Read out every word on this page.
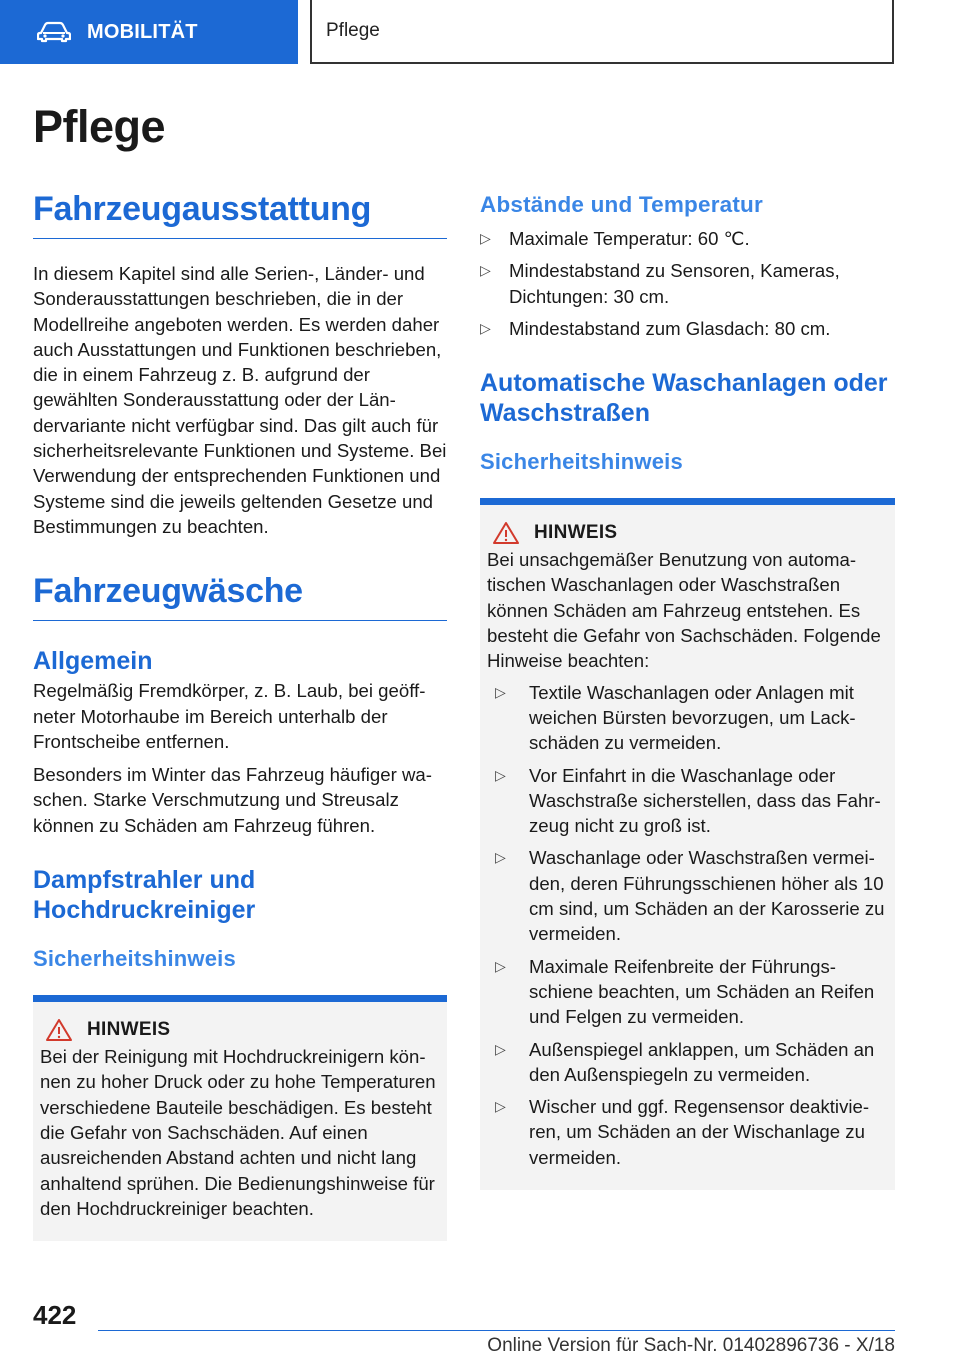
MOBILITÄT	Pflege
Pflege
Fahrzeugausstattung

In diesem Kapitel sind alle Serien-, Länder- und Sonderausstattungen beschrieben, die in der Modellreihe angeboten werden. Es werden daher auch Ausstattungen und Funktionen beschrieben, die in einem Fahrzeug z. B. aufgrund der gewählten Sonderausstattung oder der Ländervariante nicht verfügbar sind. Das gilt auch für sicherheitsrelevante Funktionen und Systeme. Bei Verwendung der entsprechenden Funktionen und Systeme sind die jeweils geltenden Gesetze und Bestimmungen zu beachten.

Fahrzeugwäsche
Allgemein

Regelmäßig Fremdkörper, z. B. Laub, bei geöffneter Motorhaube im Bereich unterhalb der Frontscheibe entfernen.

Besonders im Winter das Fahrzeug häufiger waschen. Starke Verschmutzung und Streusalz können zu Schäden am Fahrzeug führen.

Dampfstrahler und Hochdruckreiniger
Sicherheitshinweis
HINWEIS

Bei der Reinigung mit Hochdruckreinigern können zu hoher Druck oder zu hohe Temperaturen verschiedene Bauteile beschädigen. Es besteht die Gefahr von Sachschäden. Auf einen ausreichenden Abstand achten und nicht lang anhaltend sprühen. Die Bedienungshinweise für den Hochdruckreiniger beachten.

Abstände und Temperatur
▷ Maximale Temperatur: 60 ℃.
▷ Mindestabstand zu Sensoren, Kameras, Dichtungen: 30 cm.
▷ Mindestabstand zum Glasdach: 80 cm.
Automatische Waschanlagen oder Waschstraßen
Sicherheitshinweis
HINWEIS

Bei unsachgemäßer Benutzung von automatischen Waschanlagen oder Waschstraßen können Schäden am Fahrzeug entstehen. Es besteht die Gefahr von Sachschäden. Folgende Hinweise beachten:

▷ Textile Waschanlagen oder Anlagen mit weichen Bürsten bevorzugen, um Lackschäden zu vermeiden.
▷ Vor Einfahrt in die Waschanlage oder Waschstraße sicherstellen, dass das Fahrzeug nicht zu groß ist.
▷ Waschanlage oder Waschstraßen vermeiden, deren Führungsschienen höher als 10 cm sind, um Schäden an der Karosserie zu vermeiden.
▷ Maximale Reifenbreite der Führungsschiene beachten, um Schäden an Reifen und Felgen zu vermeiden.
▷ Außenspiegel anklappen, um Schäden an den Außenspiegeln zu vermeiden.
▷ Wischer und ggf. Regensensor deaktivieren, um Schäden an der Wischanlage zu vermeiden.
422
Online Version für Sach-Nr. 01402896736 - X/18
